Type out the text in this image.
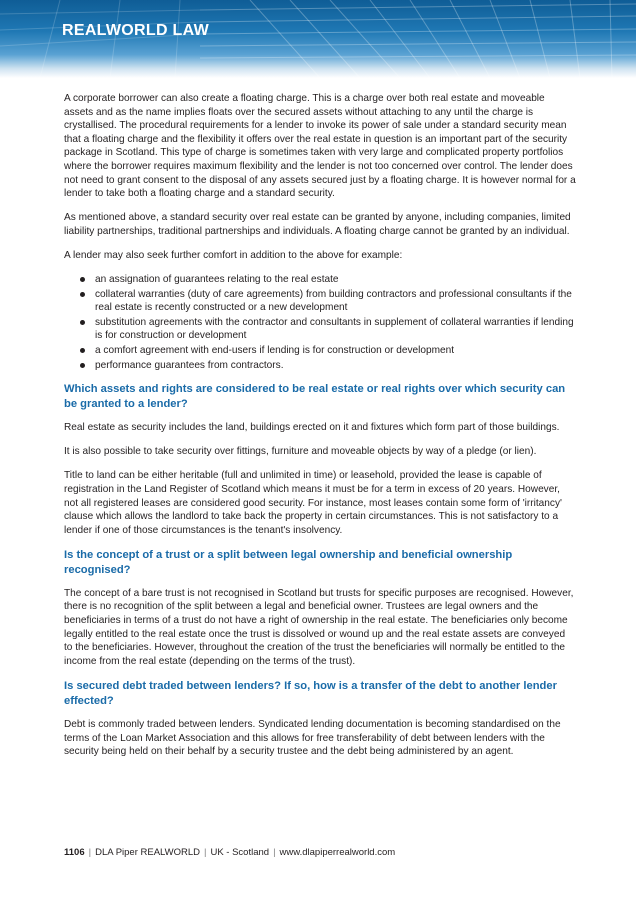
REALWORLD LAW

A corporate borrower can also create a floating charge. This is a charge over both real estate and moveable assets and as the name implies floats over the secured assets without attaching to any until the charge is crystallised. The procedural requirements for a lender to invoke its power of sale under a standard security mean that a floating charge and the flexibility it offers over the real estate in question is an important part of the security package in Scotland. This type of charge is sometimes taken with very large and complicated property portfolios where the borrower requires maximum flexibility and the lender is not too concerned over control. The lender does not need to grant consent to the disposal of any assets secured just by a floating charge. It is however normal for a lender to take both a floating charge and a standard security.

As mentioned above, a standard security over real estate can be granted by anyone, including companies, limited liability partnerships, traditional partnerships and individuals. A floating charge cannot be granted by an individual.

A lender may also seek further comfort in addition to the above for example:

an assignation of guarantees relating to the real estate
collateral warranties (duty of care agreements) from building contractors and professional consultants if the real estate is recently constructed or a new development
substitution agreements with the contractor and consultants in supplement of collateral warranties if lending is for construction or development
a comfort agreement with end-users if lending is for construction or development
performance guarantees from contractors.
Which assets and rights are considered to be real estate or real rights over which security can be granted to a lender?

Real estate as security includes the land, buildings erected on it and fixtures which form part of those buildings.

It is also possible to take security over fittings, furniture and moveable objects by way of a pledge (or lien).

Title to land can be either heritable (full and unlimited in time) or leasehold, provided the lease is capable of registration in the Land Register of Scotland which means it must be for a term in excess of 20 years. However, not all registered leases are considered good security. For instance, most leases contain some form of 'irritancy' clause which allows the landlord to take back the property in certain circumstances. This is not satisfactory to a lender if one of those circumstances is the tenant's insolvency.

Is the concept of a trust or a split between legal ownership and beneficial ownership recognised?

The concept of a bare trust is not recognised in Scotland but trusts for specific purposes are recognised. However, there is no recognition of the split between a legal and beneficial owner. Trustees are legal owners and the beneficiaries in terms of a trust do not have a right of ownership in the real estate. The beneficiaries only become legally entitled to the real estate once the trust is dissolved or wound up and the real estate assets are conveyed to the beneficiaries. However, throughout the creation of the trust the beneficiaries will normally be entitled to the income from the real estate (depending on the terms of the trust).

Is secured debt traded between lenders? If so, how is a transfer of the debt to another lender effected?

Debt is commonly traded between lenders. Syndicated lending documentation is becoming standardised on the terms of the Loan Market Association and this allows for free transferability of debt between lenders with the security being held on their behalf by a security trustee and the debt being administered by an agent.

1106 | DLA Piper REALWORLD | UK - Scotland | www.dlapiperrealworld.com
